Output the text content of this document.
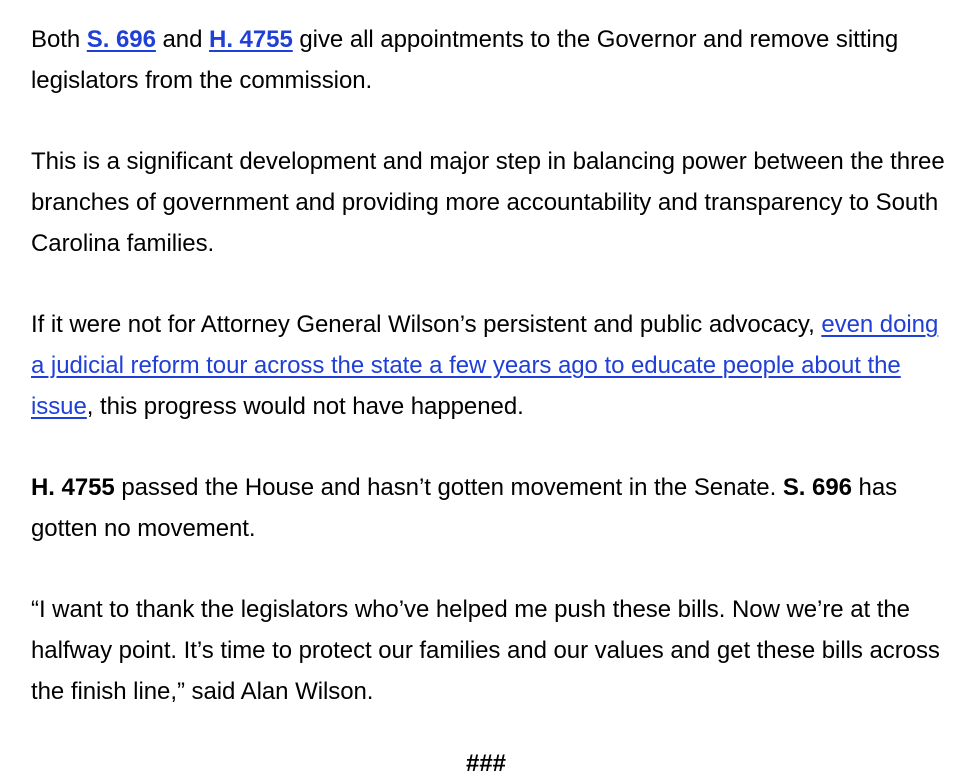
Both S. 696 and H. 4755 give all appointments to the Governor and remove sitting legislators from the commission.

This is a significant development and major step in balancing power between the three branches of government and providing more accountability and transparency to South Carolina families.

If it were not for Attorney General Wilson’s persistent and public advocacy, even doing a judicial reform tour across the state a few years ago to educate people about the issue, this progress would not have happened.

H. 4755 passed the House and hasn’t gotten movement in the Senate. S. 696 has gotten no movement.

“I want to thank the legislators who’ve helped me push these bills. Now we’re at the halfway point. It’s time to protect our families and our values and get these bills across the finish line,” said Alan Wilson.

###
